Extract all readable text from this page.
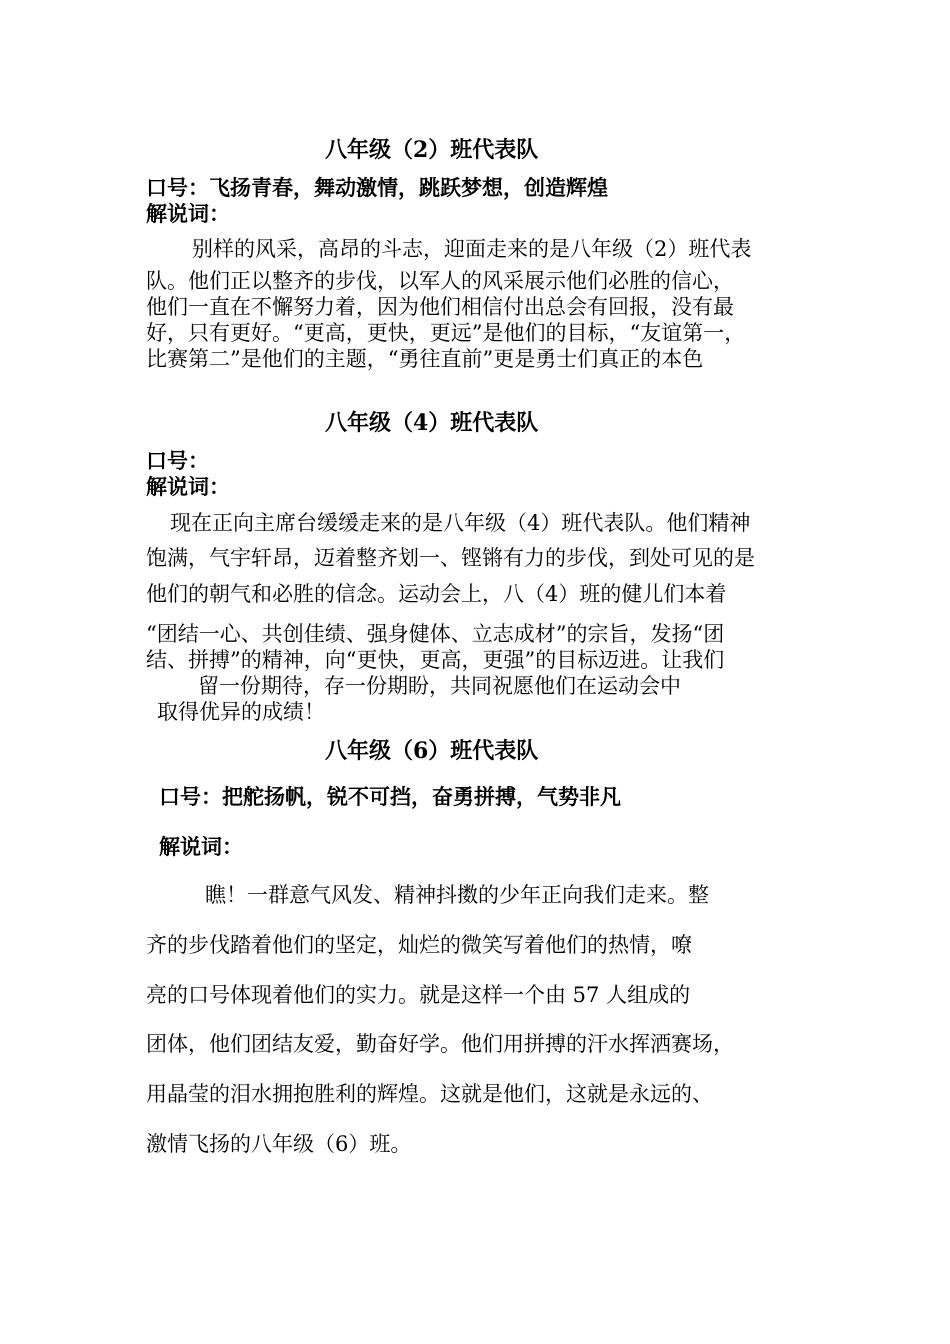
八年级（2）班代表队
口号：飞扬青春，舞动激情，跳跃梦想，创造辉煌
解说词：
别样的风采，高昂的斗志，迎面走来的是八年级（2）班代表
队。他们正以整齐的步伐，以军人的风采展示他们必胜的信心，
他们一直在不懈努力着，因为他们相信付出总会有回报，没有最
好，只有更好。“更高，更快，更远”是他们的目标，“友谊第一，
比赛第二”是他们的主题，“勇往直前”更是勇士们真正的本色
八年级（4）班代表队
口号：
解说词：
现在正向主席台缓缓走来的是八年级（4）班代表队。他们精神
饱满，气宇轩昂，迈着整齐划一、铿锵有力的步伐，到处可见的是
他们的朝气和必胜的信念。运动会上，八（4）班的健儿们本着
“团结一心、共创佳绩、强身健体、立志成材”的宗旨，发扬“团
结、拼搏”的精神，向“更快，更高，更强”的目标迈进。让我们
留一份期待，存一份期盼，共同祝愿他们在运动会中
取得优异的成绩！
八年级（6）班代表队
口号：把舵扬帆，锐不可挡，奋勇拼搏，气势非凡
解说词：
瞧！一群意气风发、精神抖擞的少年正向我们走来。整
齐的步伐踏着他们的坚定，灿烂的微笑写着他们的热情，嘹
亮的口号体现着他们的实力。就是这样一个由 57 人组成的
团体，他们团结友爱，勤奋好学。他们用拼搏的汗水挥洒赛场，
用晶莹的泪水拥抱胜利的辉煌。这就是他们，这就是永远的、
激情飞扬的八年级（6）班。
